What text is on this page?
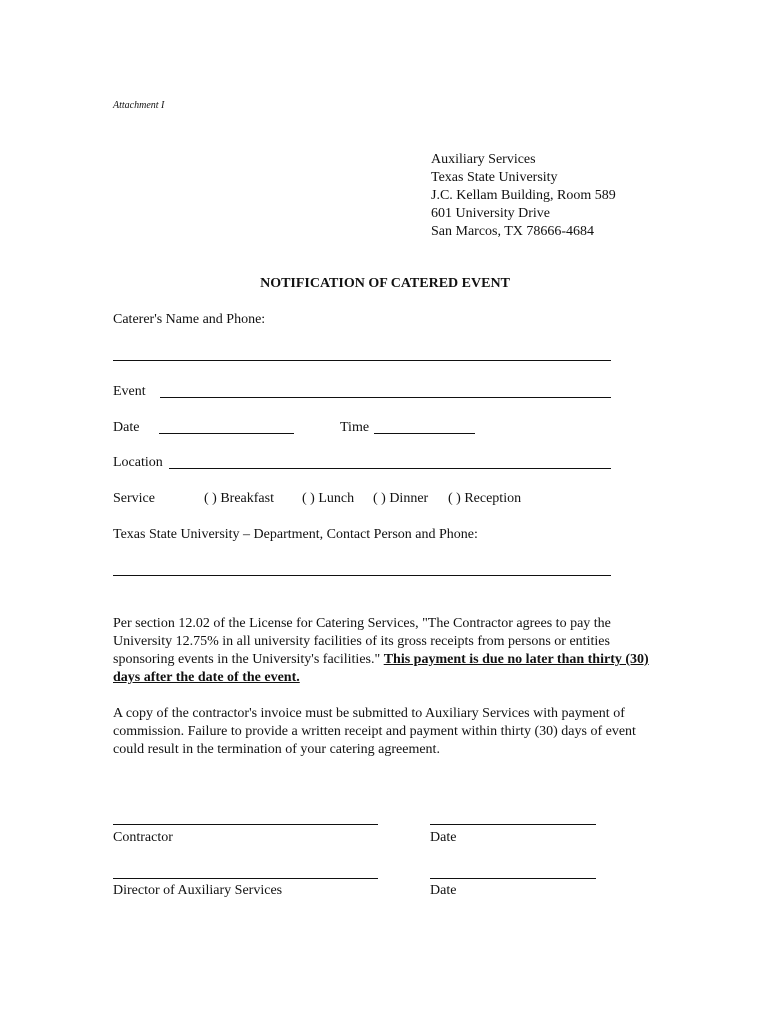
Attachment I
Auxiliary Services
Texas State University
J.C. Kellam Building, Room 589
601 University Drive
San Marcos, TX 78666-4684
NOTIFICATION OF CATERED EVENT
Caterer's Name and Phone:
Event
Date	Time
Location
Service	( ) Breakfast ( ) Lunch ( ) Dinner ( ) Reception
Texas State University – Department, Contact Person and Phone:
Per section 12.02 of the License for Catering Services, "The Contractor agrees to pay the University 12.75% in all university facilities of its gross receipts from persons or entities sponsoring events in the University's facilities." This payment is due no later than thirty (30) days after the date of the event.
A copy of the contractor's invoice must be submitted to Auxiliary Services with payment of commission. Failure to provide a written receipt and payment within thirty (30) days of event could result in the termination of your catering agreement.
Contractor	Date
Director of Auxiliary Services	Date
